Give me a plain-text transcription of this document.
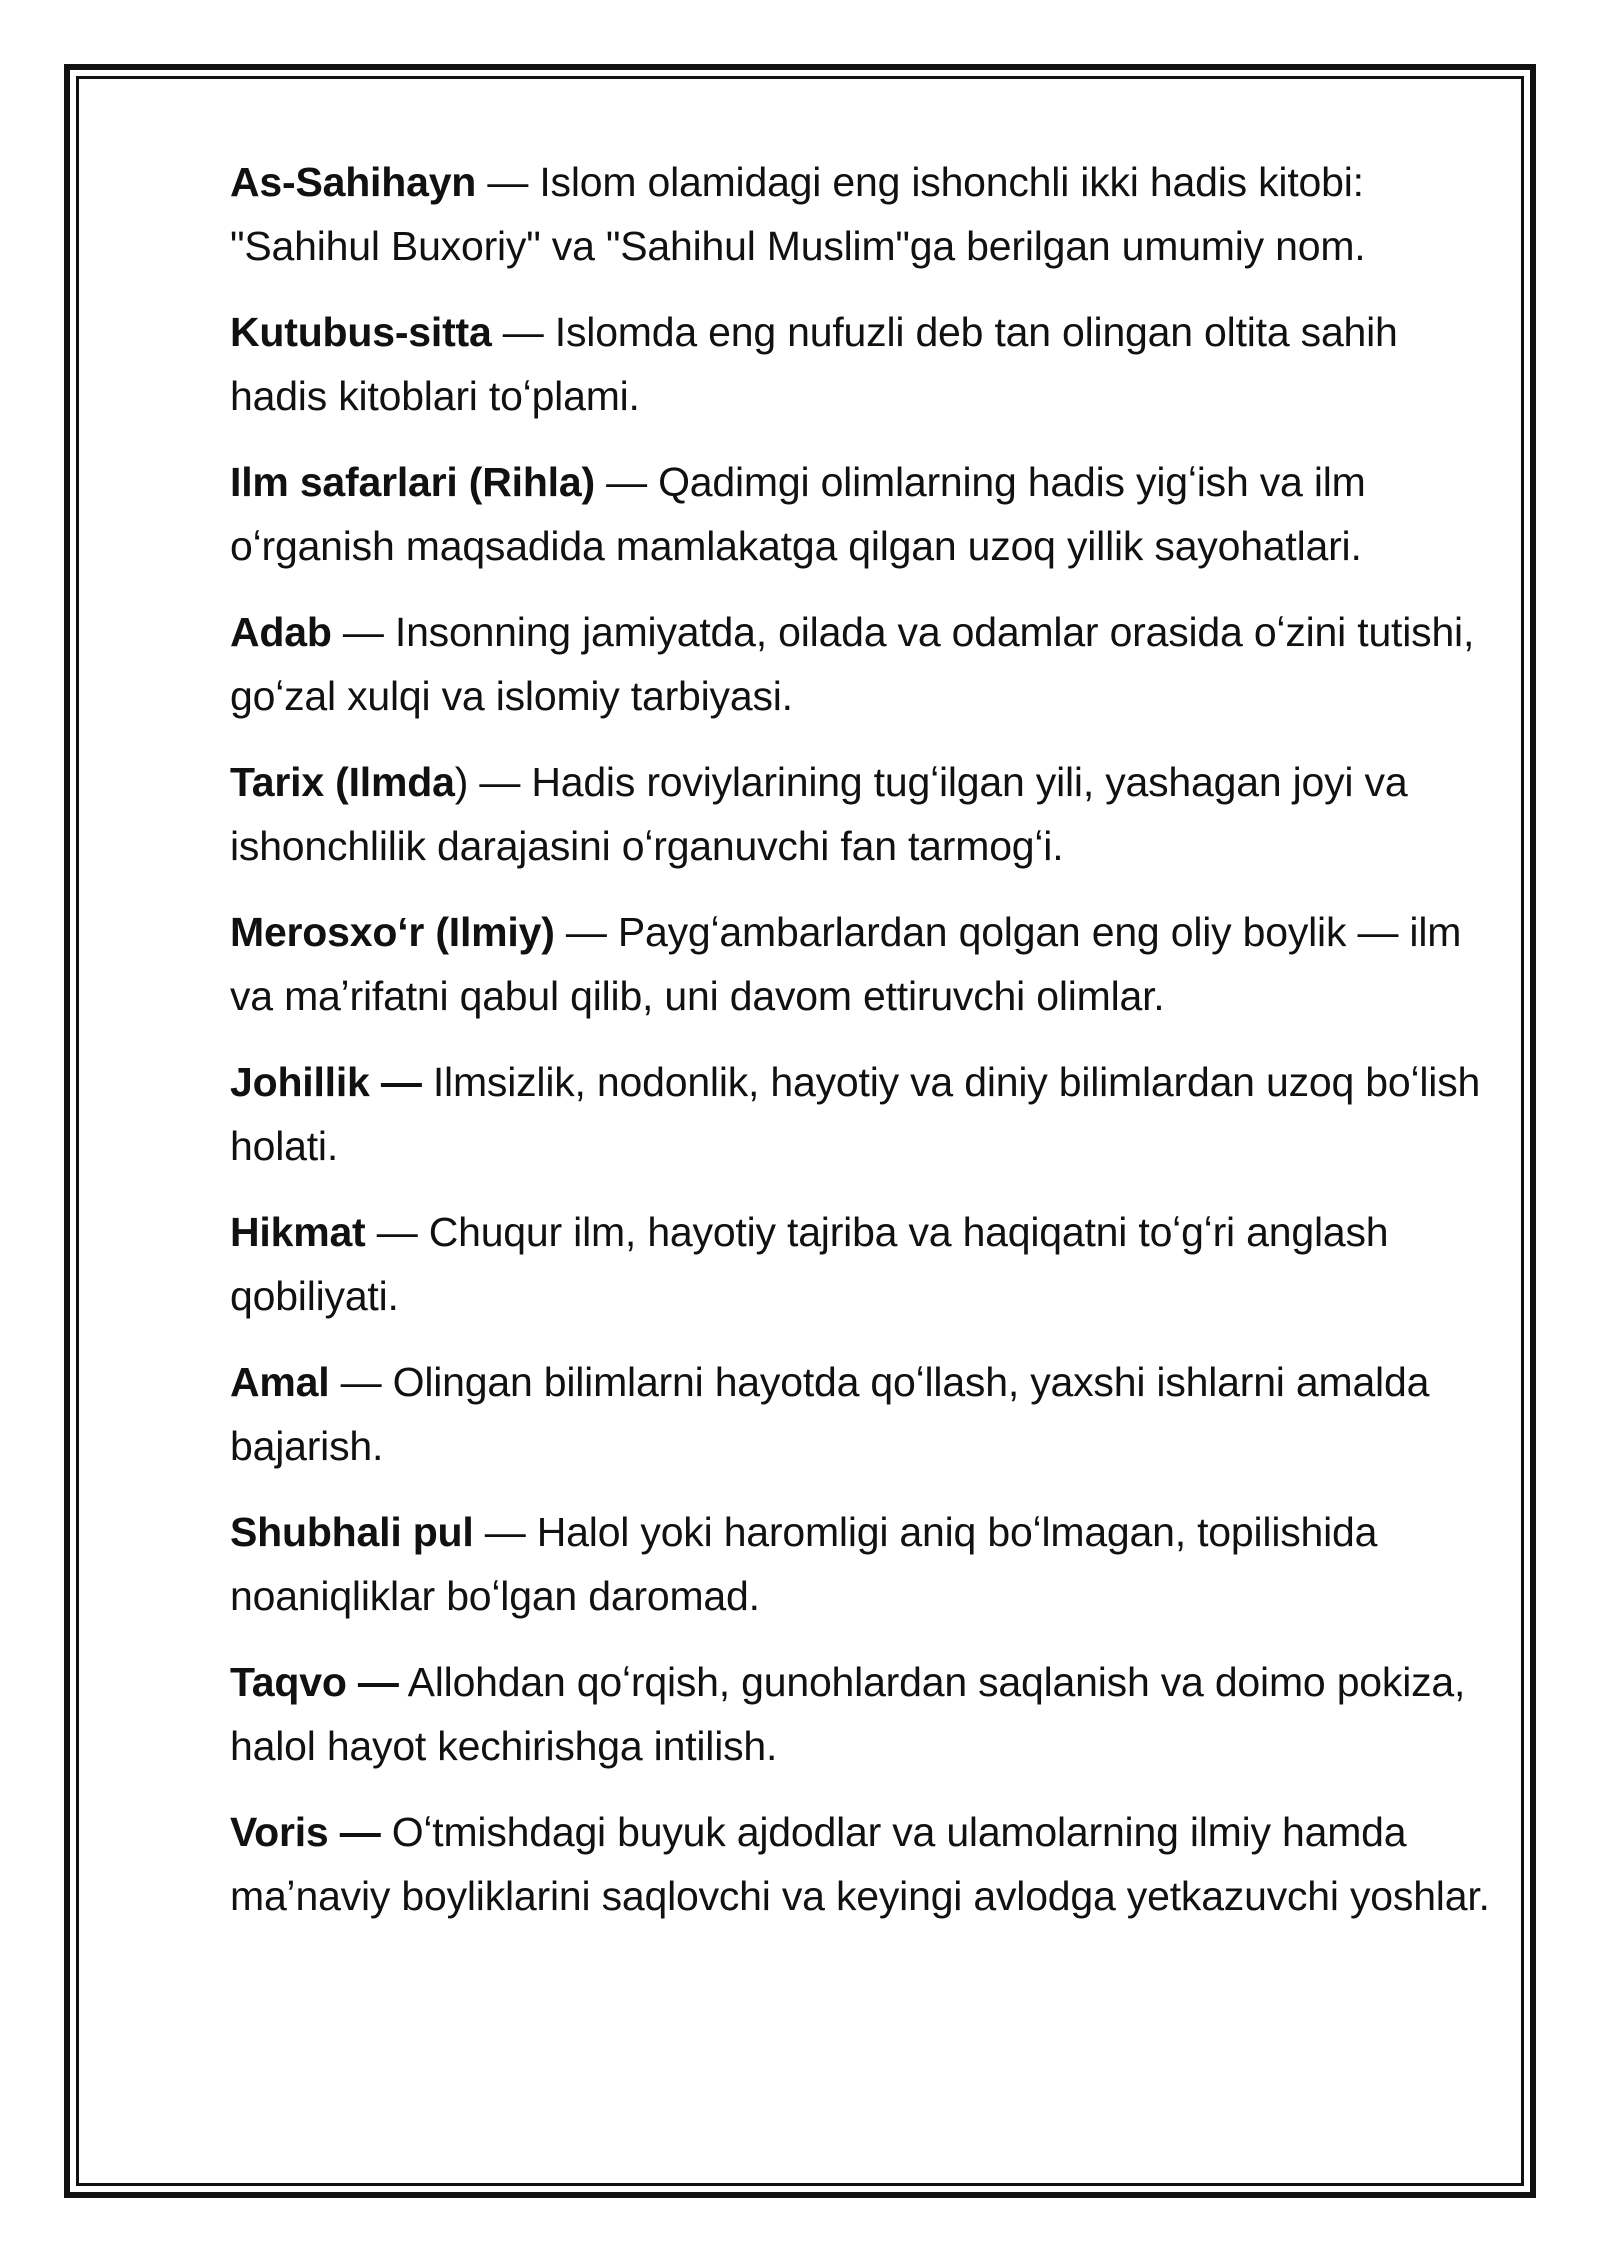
As-Sahihayn — Islom olamidagi eng ishonchli ikki hadis kitobi: "Sahihul Buxoriy" va "Sahihul Muslim"ga berilgan umumiy nom.

Kutubus-sitta — Islomda eng nufuzli deb tan olingan oltita sahih hadis kitoblari toʻplami.

Ilm safarlari (Rihla) — Qadimgi olimlarning hadis yigʻish va ilm oʻrganish maqsadida mamlakatga qilgan uzoq yillik sayohatlari.

Adab — Insonning jamiyatda, oilada va odamlar orasida oʻzini tutishi, goʻzal xulqi va islomiy tarbiyasi.

Tarix (Ilmda) — Hadis roviylarining tugʻilgan yili, yashagan joyi va ishonchlilik darajasini oʻrganuvchi fan tarmogʻi.

Merosxoʻr (Ilmiy) — Paygʻambarlardan qolgan eng oliy boylik — ilm va maʼrifatni qabul qilib, uni davom ettiruvchi olimlar.

Johillik — Ilmsizlik, nodonlik, hayotiy va diniy bilimlardan uzoq boʻlish holati.

Hikmat — Chuqur ilm, hayotiy tajriba va haqiqatni toʻgʻri anglash qobiliyati.

Amal — Olingan bilimlarni hayotda qoʻllash, yaxshi ishlarni amalda bajarish.

Shubhali pul — Halol yoki haromligi aniq boʻlmagan, topilishida noaniqliklar boʻlgan daromad.

Taqvo — Allohdan qoʻrqish, gunohlardan saqlanish va doimo pokiza, halol hayot kechirishga intilish.

Voris — Oʻtmishdagi buyuk ajdodlar va ulamolarning ilmiy hamda maʼnaviy boyliklarini saqlovchi va keyingi avlodga yetkazuvchi yoshlar.
